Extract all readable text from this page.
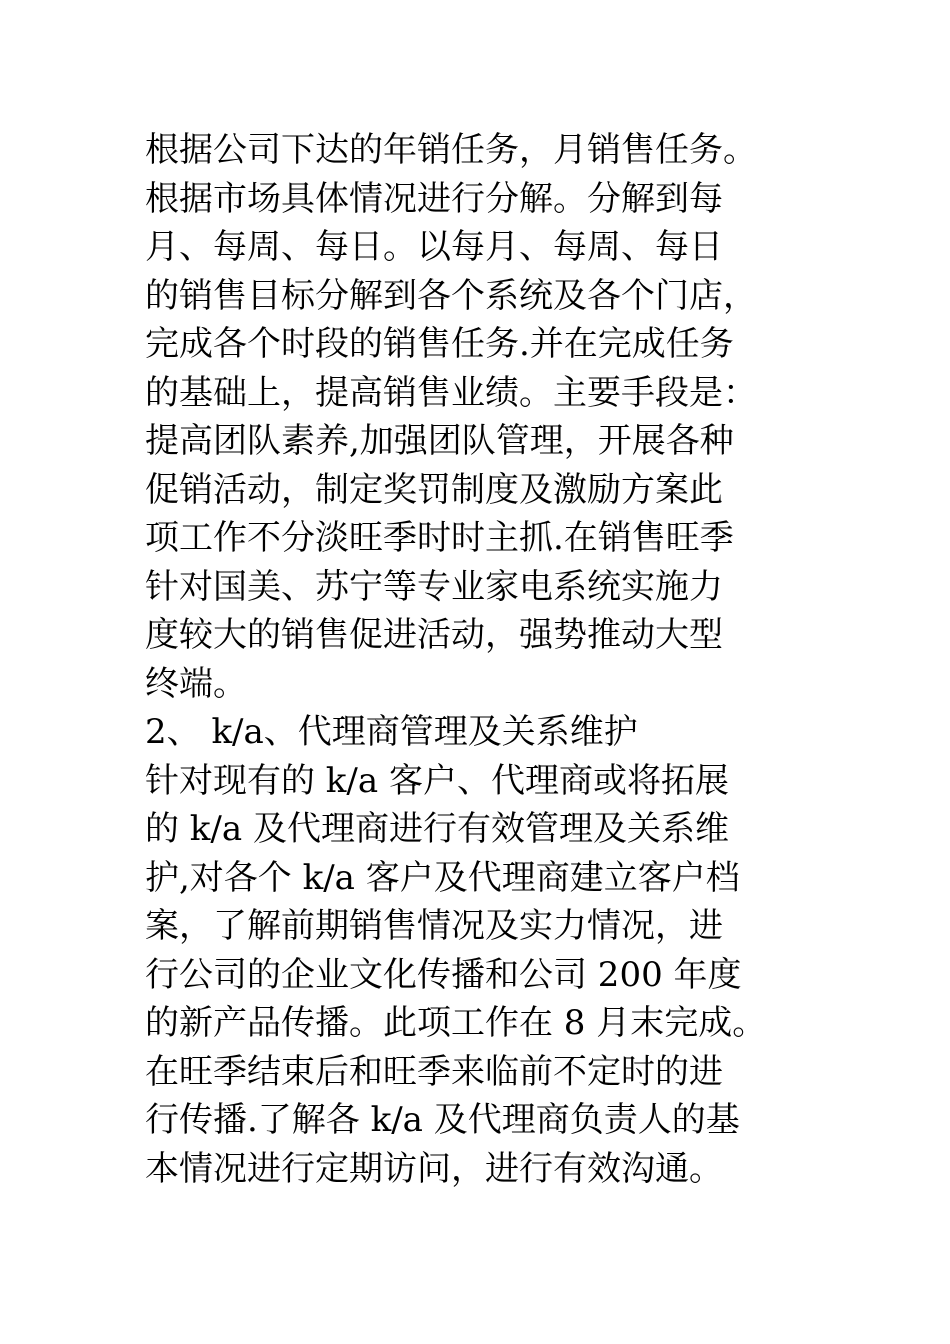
根据公司下达的年销任务，月销售任务。
根据市场具体情况进行分解。分解到每
月、每周、每日。以每月、每周、每日
的销售目标分解到各个系统及各个门店，
完成各个时段的销售任务.并在完成任务
的基础上，提高销售业绩。主要手段是：
提高团队素养,加强团队管理，开展各种
促销活动，制定奖罚制度及激励方案此
项工作不分淡旺季时时主抓.在销售旺季
针对国美、苏宁等专业家电系统实施力
度较大的销售促进活动，强势推动大型
终端。
2、 k/a、代理商管理及关系维护
针对现有的 k/a 客户、代理商或将拓展
的 k/a 及代理商进行有效管理及关系维
护,对各个 k/a 客户及代理商建立客户档
案，了解前期销售情况及实力情况，进
行公司的企业文化传播和公司 200 年度
的新产品传播。此项工作在 8 月末完成。
在旺季结束后和旺季来临前不定时的进
行传播.了解各 k/a 及代理商负责人的基
本情况进行定期访问，进行有效沟通。
